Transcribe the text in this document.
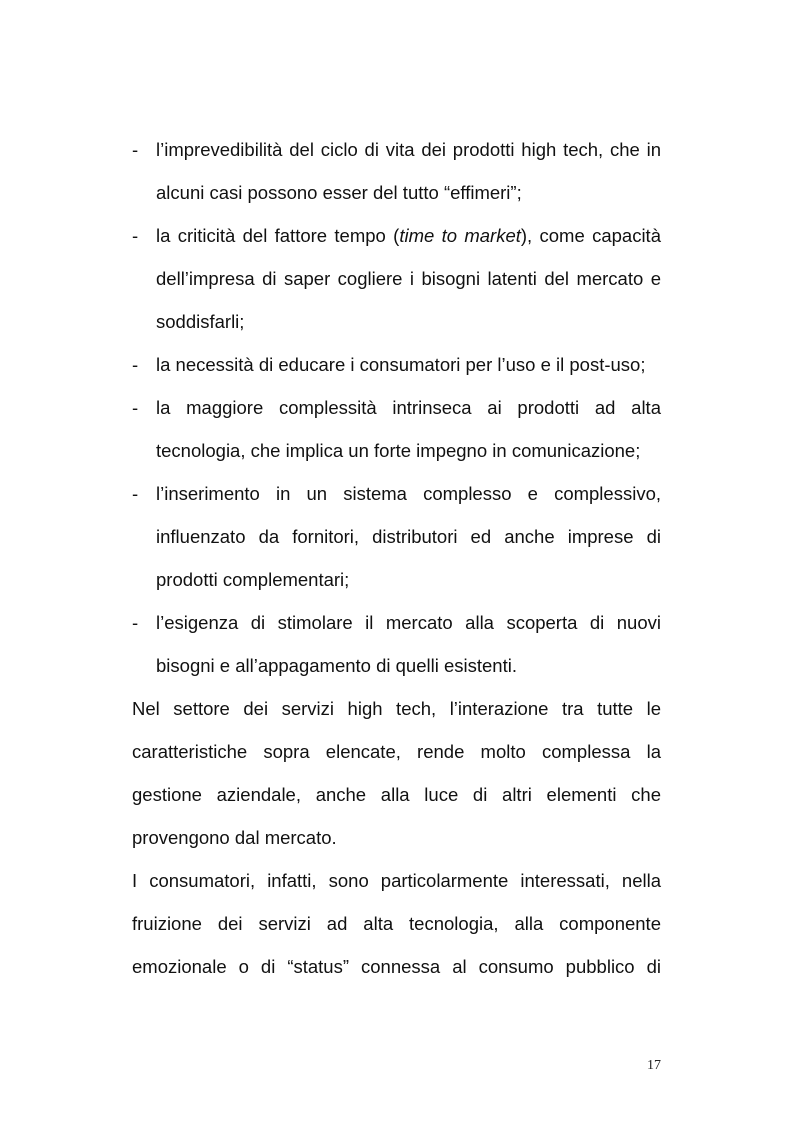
- l’imprevedibilità del ciclo di vita dei prodotti high tech, che in alcuni casi possono esser del tutto “effimeri”;
- la criticità del fattore tempo (time to market), come capacità dell’impresa di saper cogliere i bisogni latenti del mercato e soddisfarli;
- la necessità di educare i consumatori per l’uso e il post-uso;
- la maggiore complessità intrinseca ai prodotti ad alta tecnologia, che implica un forte impegno in comunicazione;
- l’inserimento in un sistema complesso e complessivo, influenzato da fornitori, distributori ed anche imprese di prodotti complementari;
- l’esigenza di stimolare il mercato alla scoperta di nuovi bisogni e all’appagamento di quelli esistenti.
Nel settore dei servizi high tech, l’interazione tra tutte le caratteristiche sopra elencate, rende molto complessa la gestione aziendale, anche alla luce di altri elementi che provengono dal mercato.
I consumatori, infatti, sono particolarmente interessati, nella fruizione dei servizi ad alta tecnologia, alla componente emozionale o di “status” connessa al consumo pubblico di
17
